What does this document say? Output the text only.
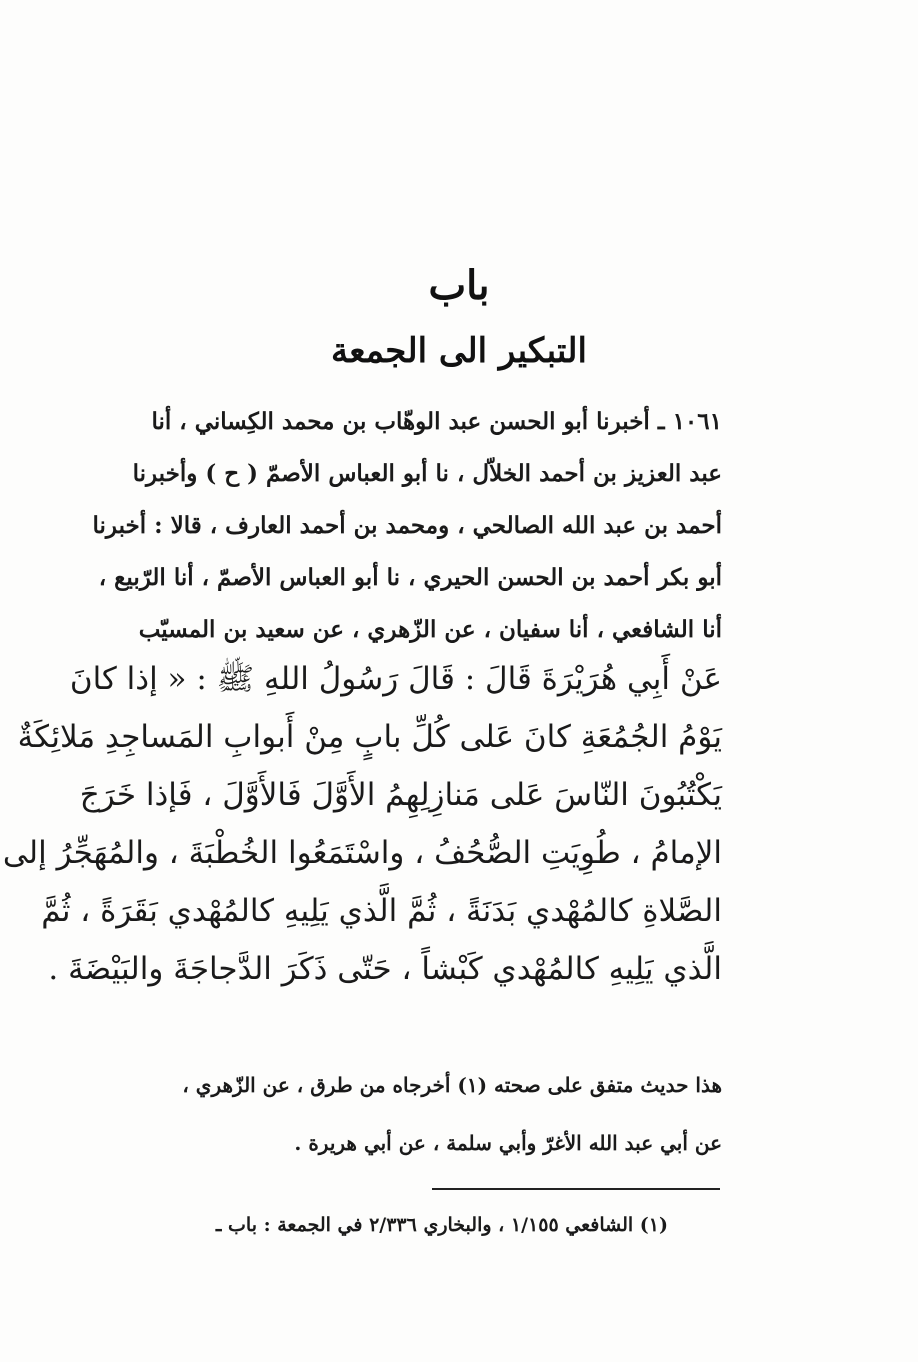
باب
التبكير الى الجمعة
١٠٦١ ـ أخبرنا أبو الحسن عبد الوهّاب بن محمد الكِساني ، أنا
عبد العزيز بن أحمد الخلاّل ، نا أبو العباس الأصمّ ( ح ) وأخبرنا
أحمد بن عبد الله الصالحي ، ومحمد بن أحمد العارف ، قالا : أخبرنا
أبو بكر أحمد بن الحسن الحيري ، نا أبو العباس الأصمّ ، أنا الرّبيع ،
أنا الشافعي ، أنا سفيان ، عن الزّهري ، عن سعيد بن المسيّب
عَنْ أَبِي هُرَيْرَةَ قَالَ : قَالَ رَسُولُ اللهِ ﷺ : « إذا كانَ
يَوْمُ الجُمُعَةِ كانَ عَلى كُلِّ بابٍ مِنْ أَبوابِ المَساجِدِ مَلائِكَةٌ
يَكْتُبُونَ النّاسَ عَلى مَنازِلِهِمُ الأَوَّلَ فَالأَوَّلَ ، فَإذا خَرَجَ
الإمامُ ، طُوِيَتِ الصُّحُفُ ، واسْتَمَعُوا الخُطْبَةَ ، والمُهَجِّرُ إلى
الصَّلاةِ كالمُهْدي بَدَنَةً ، ثُمَّ الَّذي يَلِيهِ كالمُهْدي بَقَرَةً ، ثُمَّ
الَّذي يَلِيهِ كالمُهْدي كَبْشاً ، حَتّى ذَكَرَ الدَّجاجَةَ والبَيْضَةَ .
هذا حديث متفق على صحته (١) أخرجاه من طرق ، عن الزّهري ،
عن أبي عبد الله الأغرّ وأبي سلمة ، عن أبي هريرة .
(١) الشافعي ١/١٥٥ ، والبخاري ٢/٣٣٦ في الجمعة : باب ـ
